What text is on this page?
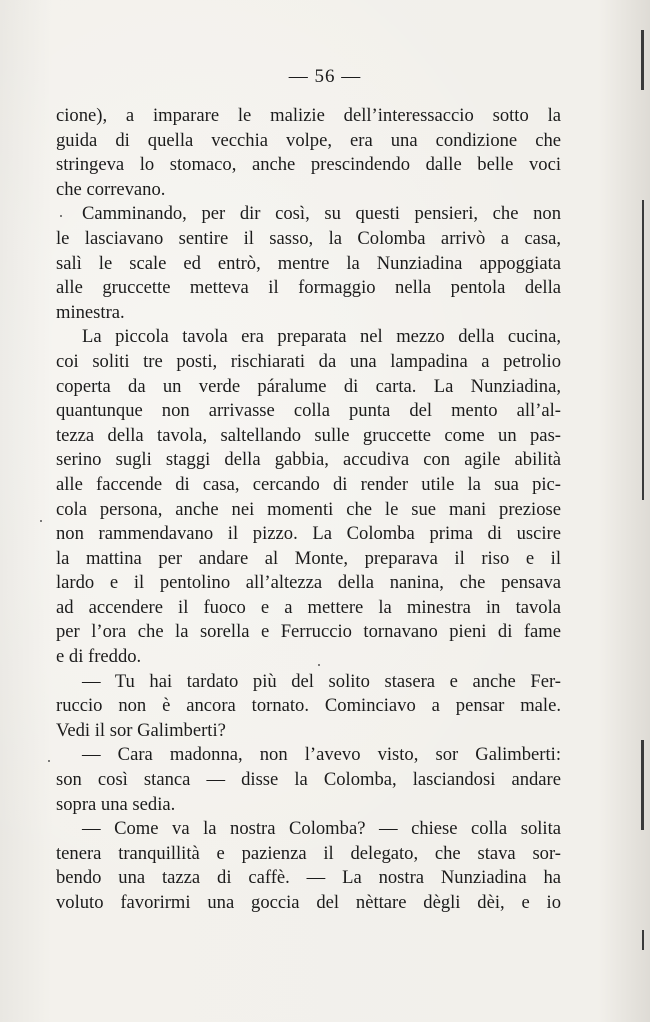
— 56 —
cione), a imparare le malizie dell’interessaccio sotto la
guida di quella vecchia volpe, era una condizione che
stringeva lo stomaco, anche prescindendo dalle belle voci
che correvano.
Camminando, per dir così, su questi pensieri, che non
le lasciavano sentire il sasso, la Colomba arrivò a casa,
salì le scale ed entrò, mentre la Nunziadina appoggiata
alle gruccette metteva il formaggio nella pentola della
minestra.
La piccola tavola era preparata nel mezzo della cucina,
coi soliti tre posti, rischiarati da una lampadina a petrolio
coperta da un verde páralume di carta. La Nunziadina,
quantunque non arrivasse colla punta del mento all’al-
tezza della tavola, saltellando sulle gruccette come un pas-
serino sugli staggi della gabbia, accudiva con agile abilità
alle faccende di casa, cercando di render utile la sua pic-
cola persona, anche nei momenti che le sue mani preziose
non rammendavano il pizzo. La Colomba prima di uscire
la mattina per andare al Monte, preparava il riso e il
lardo e il pentolino all’altezza della nanina, che pensava
ad accendere il fuoco e a mettere la minestra in tavola
per l’ora che la sorella e Ferruccio tornavano pieni di fame
e di freddo.
— Tu hai tardato più del solito stasera e anche Fer-
ruccio non è ancora tornato. Cominciavo a pensar male.
Vedi il sor Galimberti?
— Cara madonna, non l’avevo visto, sor Galimberti:
son così stanca — disse la Colomba, lasciandosi andare
sopra una sedia.
— Come va la nostra Colomba? — chiese colla solita
tenera tranquillità e pazienza il delegato, che stava sor-
bendo una tazza di caffè. — La nostra Nunziadina ha
voluto favorirmi una goccia del nèttare dègli dèi, e io
